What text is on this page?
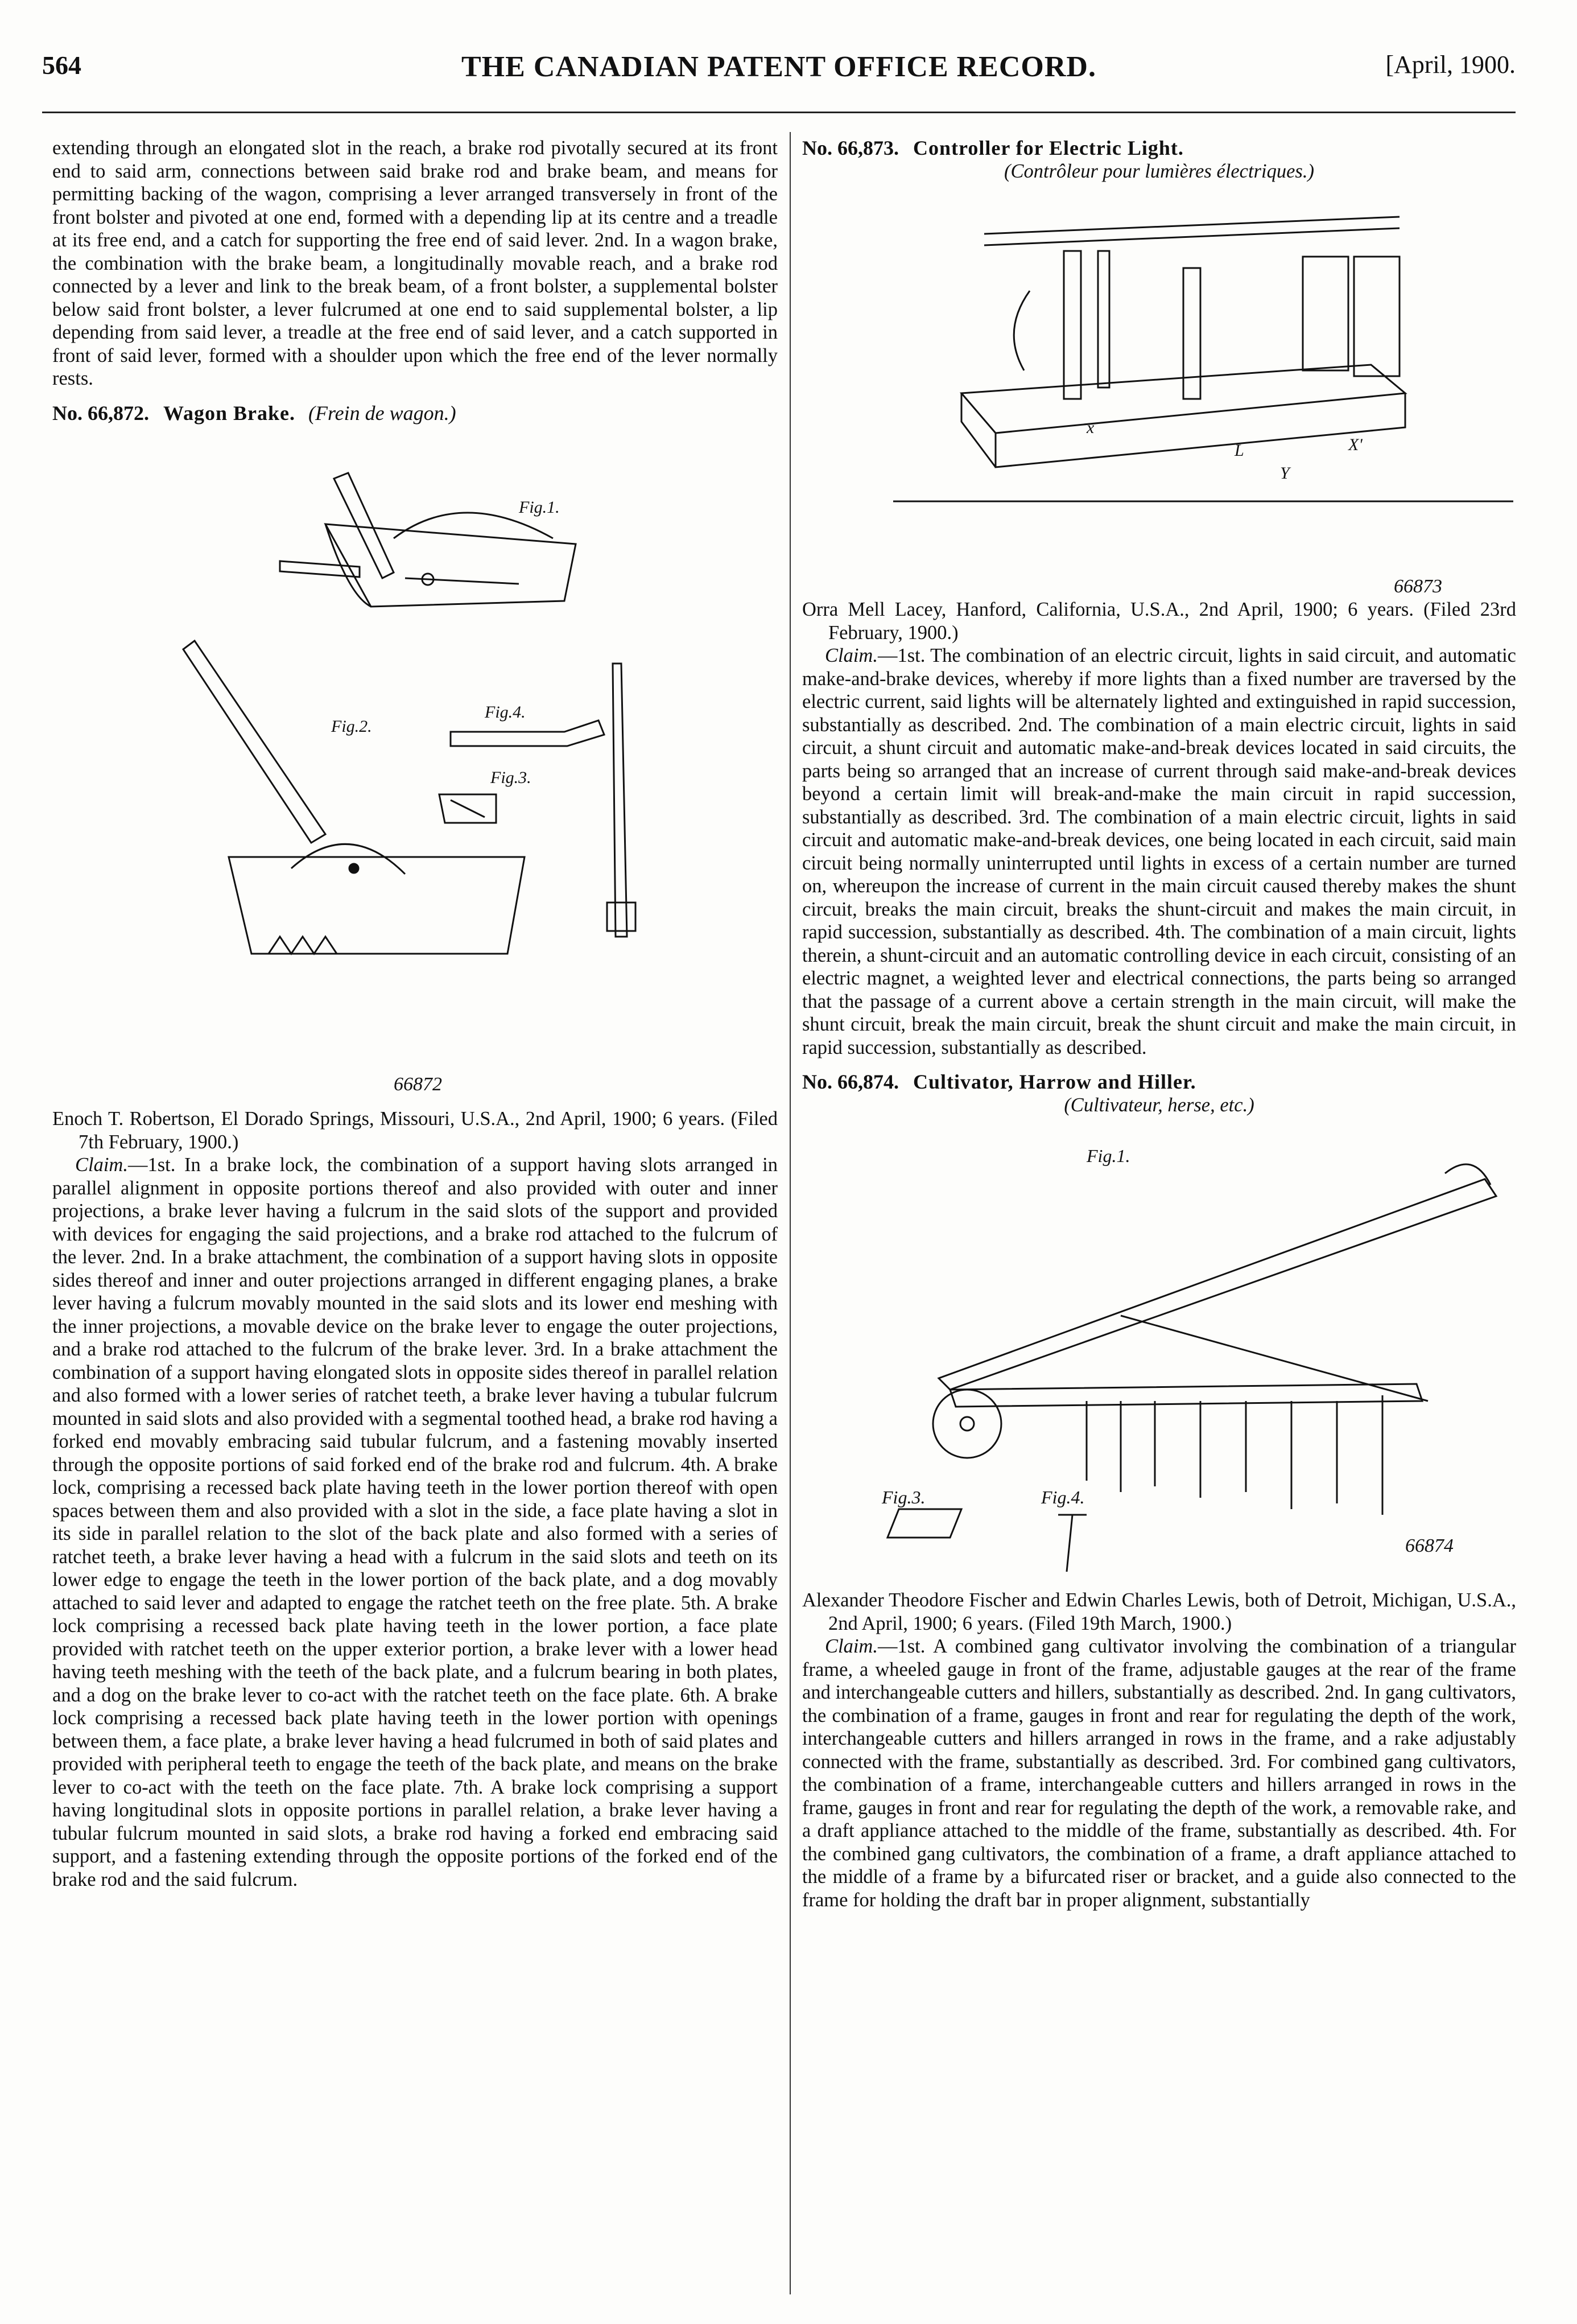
564	THE CANADIAN PATENT OFFICE RECORD.	[April, 1900.

extending through an elongated slot in the reach, a brake rod pivotally secured at its front end to said arm, connections between said brake rod and brake beam, and means for permitting backing of the wagon, comprising a lever arranged transversely in front of the front bolster and pivoted at one end, formed with a depending lip at its centre and a treadle at its free end, and a catch for supporting the free end of said lever. 2nd. In a wagon brake, the combination with the brake beam, a longitudinally movable reach, and a brake rod connected by a lever and link to the break beam, of a front bolster, a supplemental bolster below said front bolster, a lever fulcrumed at one end to said supplemental bolster, a lip depending from said lever, a treadle at the free end of said lever, and a catch supported in front of said lever, formed with a shoulder upon which the free end of the lever normally rests.

No. 66,872. Wagon Brake. (Frein de wagon.)
Fig.1.
Fig.2.
Fig.3.
Fig.4.
66872

Enoch T. Robertson, El Dorado Springs, Missouri, U.S.A., 2nd April, 1900; 6 years. (Filed 7th February, 1900.)

Claim.—1st. In a brake lock, the combination of a support having slots arranged in parallel alignment in opposite portions thereof and also provided with outer and inner projections, a brake lever having a fulcrum in the said slots of the support and provided with devices for engaging the said projections, and a brake rod attached to the fulcrum of the lever. 2nd. In a brake attachment, the combination of a support having slots in opposite sides thereof and inner and outer projections arranged in different engaging planes, a brake lever having a fulcrum movably mounted in the said slots and its lower end meshing with the inner projections, a movable device on the brake lever to engage the outer projections, and a brake rod attached to the fulcrum of the brake lever. 3rd. In a brake attachment the combination of a support having elongated slots in opposite sides thereof in parallel relation and also formed with a lower series of ratchet teeth, a brake lever having a tubular fulcrum mounted in said slots and also provided with a segmental toothed head, a brake rod having a forked end movably embracing said tubular fulcrum, and a fastening movably inserted through the opposite portions of said forked end of the brake rod and fulcrum. 4th. A brake lock, comprising a recessed back plate having teeth in the lower portion thereof with open spaces between them and also provided with a slot in the side, a face plate having a slot in its side in parallel relation to the slot of the back plate and also formed with a series of ratchet teeth, a brake lever having a head with a fulcrum in the said slots and teeth on its lower edge to engage the teeth in the lower portion of the back plate, and a dog movably attached to said lever and adapted to engage the ratchet teeth on the free plate. 5th. A brake lock comprising a recessed back plate having teeth in the lower portion, a face plate provided with ratchet teeth on the upper exterior portion, a brake lever with a lower head having teeth meshing with the teeth of the back plate, and a fulcrum bearing in both plates, and a dog on the brake lever to co-act with the ratchet teeth on the face plate. 6th. A brake lock comprising a recessed back plate having teeth in the lower portion with openings between them, a face plate, a brake lever having a head fulcrumed in both of said plates and provided with peripheral teeth to engage the teeth of the back plate, and means on the brake lever to co-act with the teeth on the face plate. 7th. A brake lock comprising a support having longitudinal slots in opposite portions in parallel relation, a brake lever having a tubular fulcrum mounted in said slots, a brake rod having a forked end embracing said support, and a fastening extending through the opposite portions of the forked end of the brake rod and the said fulcrum.

No. 66,873. Controller for Electric Light.

(Contrôleur pour lumières électriques.)

L
Y
X'
x
66873

Orra Mell Lacey, Hanford, California, U.S.A., 2nd April, 1900; 6 years. (Filed 23rd February, 1900.)

Claim.—1st. The combination of an electric circuit, lights in said circuit, and automatic make-and-brake devices, whereby if more lights than a fixed number are traversed by the electric current, said lights will be alternately lighted and extinguished in rapid succession, substantially as described. 2nd. The combination of a main electric circuit, lights in said circuit, a shunt circuit and automatic make-and-break devices located in said circuits, the parts being so arranged that an increase of current through said make-and-break devices beyond a certain limit will break-and-make the main circuit in rapid succession, substantially as described. 3rd. The combination of a main electric circuit, lights in said circuit and automatic make-and-break devices, one being located in each circuit, said main circuit being normally uninterrupted until lights in excess of a certain number are turned on, whereupon the increase of current in the main circuit caused thereby makes the shunt circuit, breaks the main circuit, breaks the shunt-circuit and makes the main circuit, in rapid succession, substantially as described. 4th. The combination of a main circuit, lights therein, a shunt-circuit and an automatic controlling device in each circuit, consisting of an electric magnet, a weighted lever and electrical connections, the parts being so arranged that the passage of a current above a certain strength in the main circuit, will make the shunt circuit, break the main circuit, break the shunt circuit and make the main circuit, in rapid succession, substantially as described.

No. 66,874. Cultivator, Harrow and Hiller.

(Cultivateur, herse, etc.)

Fig.1.
Fig.3.	Fig.4.
66874

Alexander Theodore Fischer and Edwin Charles Lewis, both of Detroit, Michigan, U.S.A., 2nd April, 1900; 6 years. (Filed 19th March, 1900.)

Claim.—1st. A combined gang cultivator involving the combination of a triangular frame, a wheeled gauge in front of the frame, adjustable gauges at the rear of the frame and interchangeable cutters and hillers, substantially as described. 2nd. In gang cultivators, the combination of a frame, gauges in front and rear for regulating the depth of the work, interchangeable cutters and hillers arranged in rows in the frame, and a rake adjustably connected with the frame, substantially as described. 3rd. For combined gang cultivators, the combination of a frame, interchangeable cutters and hillers arranged in rows in the frame, gauges in front and rear for regulating the depth of the work, a removable rake, and a draft appliance attached to the middle of the frame, substantially as described. 4th. For the combined gang cultivators, the combination of a frame, a draft appliance attached to the middle of a frame by a bifurcated riser or bracket, and a guide also connected to the frame for holding the draft bar in proper alignment, substantially
